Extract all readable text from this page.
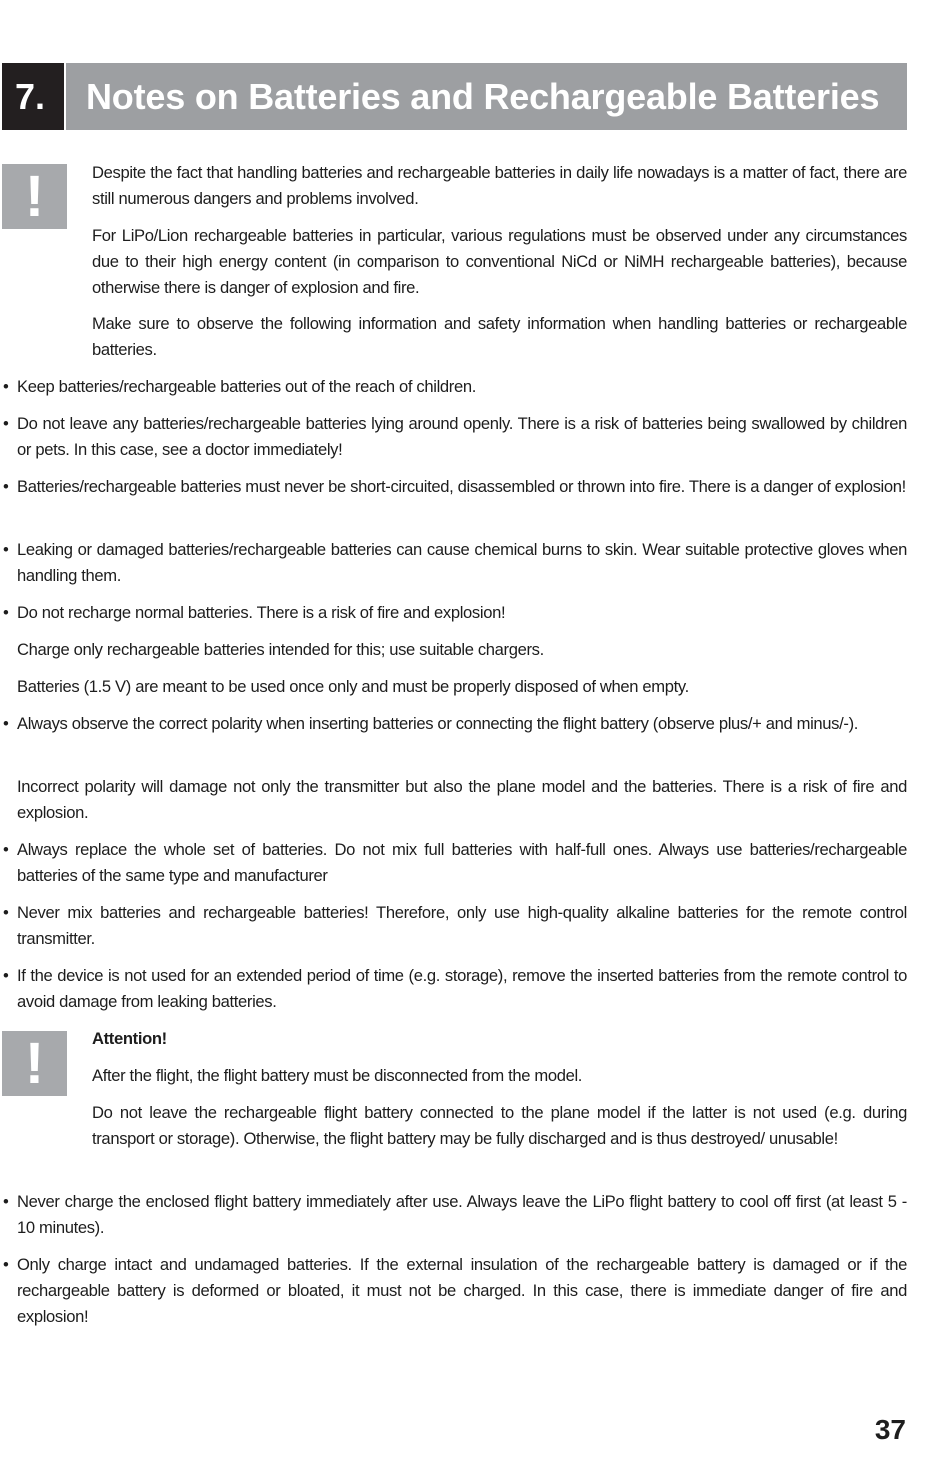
7.	Notes on Batteries and Rechargeable Batteries
!	Despite the fact that handling batteries and rechargeable batteries in daily life nowadays is a matter of fact, there are still numerous dangers and problems involved.

For LiPo/Lion rechargeable batteries in particular, various regulations must be observed under any circumstances due to their high energy content (in comparison to conventional NiCd or NiMH rechargeable batteries), because otherwise there is danger of explosion and fire.

Make sure to observe the following information and safety information when handling batteries or rechargeable batteries.

• Keep batteries/rechargeable batteries out of the reach of children.

• Do not leave any batteries/rechargeable batteries lying around openly. There is a risk of batteries being swallowed by children or pets. In this case, see a doctor immediately!

• Batteries/rechargeable batteries must never be short-circuited, disassembled or thrown into fire. There is a danger of explosion!

• Leaking or damaged batteries/rechargeable batteries can cause chemical burns to skin. Wear suitable protective gloves when handling them.

• Do not recharge normal batteries. There is a risk of fire and explosion!

Charge only rechargeable batteries intended for this; use suitable chargers.

Batteries (1.5 V) are meant to be used once only and must be properly disposed of when empty.

• Always observe the correct polarity when inserting batteries or connecting the flight battery (observe plus/+ and minus/-).

Incorrect polarity will damage not only the transmitter but also the plane model and the batteries. There is a risk of fire and explosion.

• Always replace the whole set of batteries. Do not mix full batteries with half-full ones. Always use batteries/rechargeable batteries of the same type and manufacturer

• Never mix batteries and rechargeable batteries! Therefore, only use high-quality alkaline batteries for the remote control transmitter.

• If the device is not used for an extended period of time (e.g. storage), remove the inserted batteries from the remote control to avoid damage from leaking batteries.

!	Attention!

After the flight, the flight battery must be disconnected from the model.

Do not leave the rechargeable flight battery connected to the plane model if the latter is not used (e.g. during transport or storage). Otherwise, the flight battery may be fully discharged and is thus destroyed/ unusable!

• Never charge the enclosed flight battery immediately after use. Always leave the LiPo flight battery to cool off first (at least 5 - 10 minutes).

• Only charge intact and undamaged batteries. If the external insulation of the rechargeable battery is damaged or if the rechargeable battery is deformed or bloated, it must not be charged. In this case, there is immediate danger of fire and explosion!

37
